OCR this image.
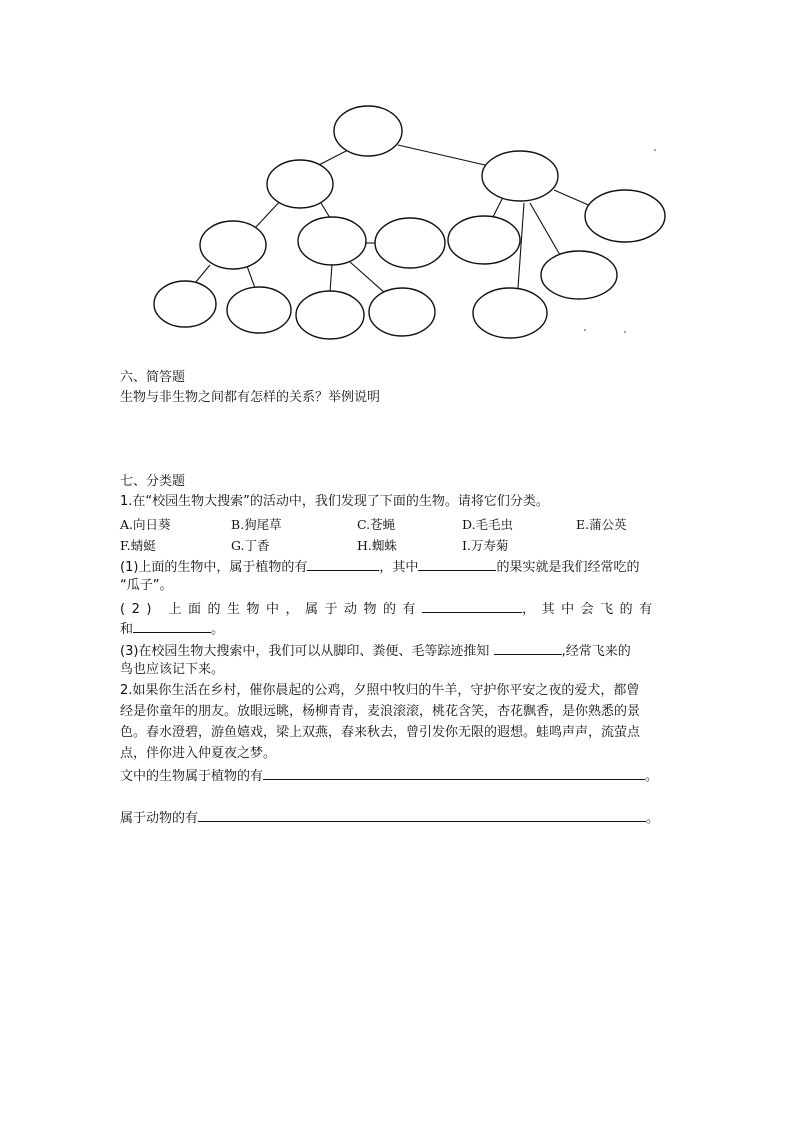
六、简答题
生物与非生物之间都有怎样的关系？举例说明
七、分类题
1.在“校园生物大搜索”的活动中，我们发现了下面的生物。请将它们分类。
A.向日葵	B.狗尾草	C.苍蝇	D.毛毛虫	E.蒲公英
F.蜻蜓	G.丁香	H.蜘蛛	I.万寿菊
(1)上面的生物中，属于植物的有	，其中	的果实就是我们经常吃的
“瓜子”。
(2) 上面的生物中，属于动物的有	，其中会飞的有
和	。
(3)在校园生物大搜索中，我们可以从脚印、粪便、毛等踪迹推知	,经常飞来的
鸟也应该记下来。
2.如果你生活在乡村，催你晨起的公鸡，夕照中牧归的牛羊，守护你平安之夜的爱犬，都曾
经是你童年的朋友。放眼远眺，杨柳青青，麦浪滚滚，桃花含笑，杏花飘香，是你熟悉的景
色。春水澄碧，游鱼嬉戏，梁上双燕，春来秋去，曾引发你无限的遐想。蛙鸣声声，流萤点
点，伴你进入仲夏夜之梦。
文中的生物属于植物的有	。
属于动物的有	。
